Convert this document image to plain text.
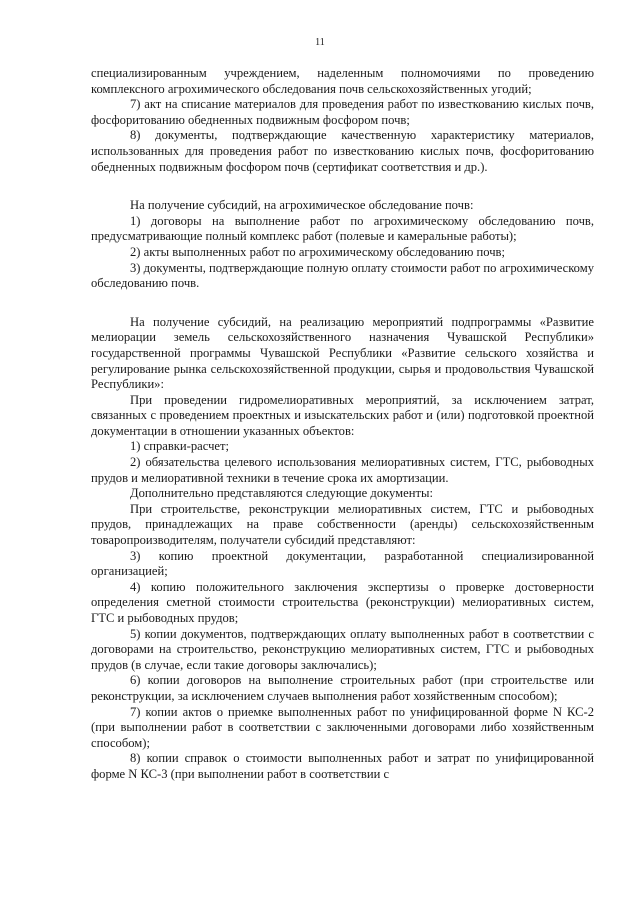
11

специализированным учреждением, наделенным полномочиями по проведению комплексного агрохимического обследования почв сельскохозяйственных угодий;

7) акт на списание материалов для проведения работ по известкованию кислых почв, фосфоритованию обедненных подвижным фосфором почв;

8) документы, подтверждающие качественную характеристику материалов, использованных для проведения работ по известкованию кислых почв, фосфоритованию обедненных подвижным фосфором почв (сертификат соответствия и др.).

На получение субсидий, на агрохимическое обследование почв:

1) договоры на выполнение работ по агрохимическому обследованию почв, предусматривающие полный комплекс работ (полевые и камеральные работы);

2) акты выполненных работ по агрохимическому обследованию почв;

3) документы, подтверждающие полную оплату стоимости работ по агрохимическому обследованию почв.

На получение субсидий, на реализацию мероприятий подпрограммы «Развитие мелиорации земель сельскохозяйственного назначения Чувашской Республики» государственной программы Чувашской Республики «Развитие сельского хозяйства и регулирование рынка сельскохозяйственной продукции, сырья и продовольствия Чувашской Республики»:

При проведении гидромелиоративных мероприятий, за исключением затрат, связанных с проведением проектных и изыскательских работ и (или) подготовкой проектной документации в отношении указанных объектов:

1) справки-расчет;

2) обязательства целевого использования мелиоративных систем, ГТС, рыбоводных прудов и мелиоративной техники в течение срока их амортизации.

Дополнительно представляются следующие документы:

При строительстве, реконструкции мелиоративных систем, ГТС и рыбоводных прудов, принадлежащих на праве собственности (аренды) сельскохозяйственным товаропроизводителям, получатели субсидий представляют:

3) копию проектной документации, разработанной специализированной организацией;

4) копию положительного заключения экспертизы о проверке достоверности определения сметной стоимости строительства (реконструкции) мелиоративных систем, ГТС и рыбоводных прудов;

5) копии документов, подтверждающих оплату выполненных работ в соответствии с договорами на строительство, реконструкцию мелиоративных систем, ГТС и рыбоводных прудов (в случае, если такие договоры заключались);

6) копии договоров на выполнение строительных работ (при строительстве или реконструкции, за исключением случаев выполнения работ хозяйственным способом);

7) копии актов о приемке выполненных работ по унифицированной форме N КС-2 (при выполнении работ в соответствии с заключенными договорами либо хозяйственным способом);

8) копии справок о стоимости выполненных работ и затрат по унифицированной форме N КС-3 (при выполнении работ в соответствии с
